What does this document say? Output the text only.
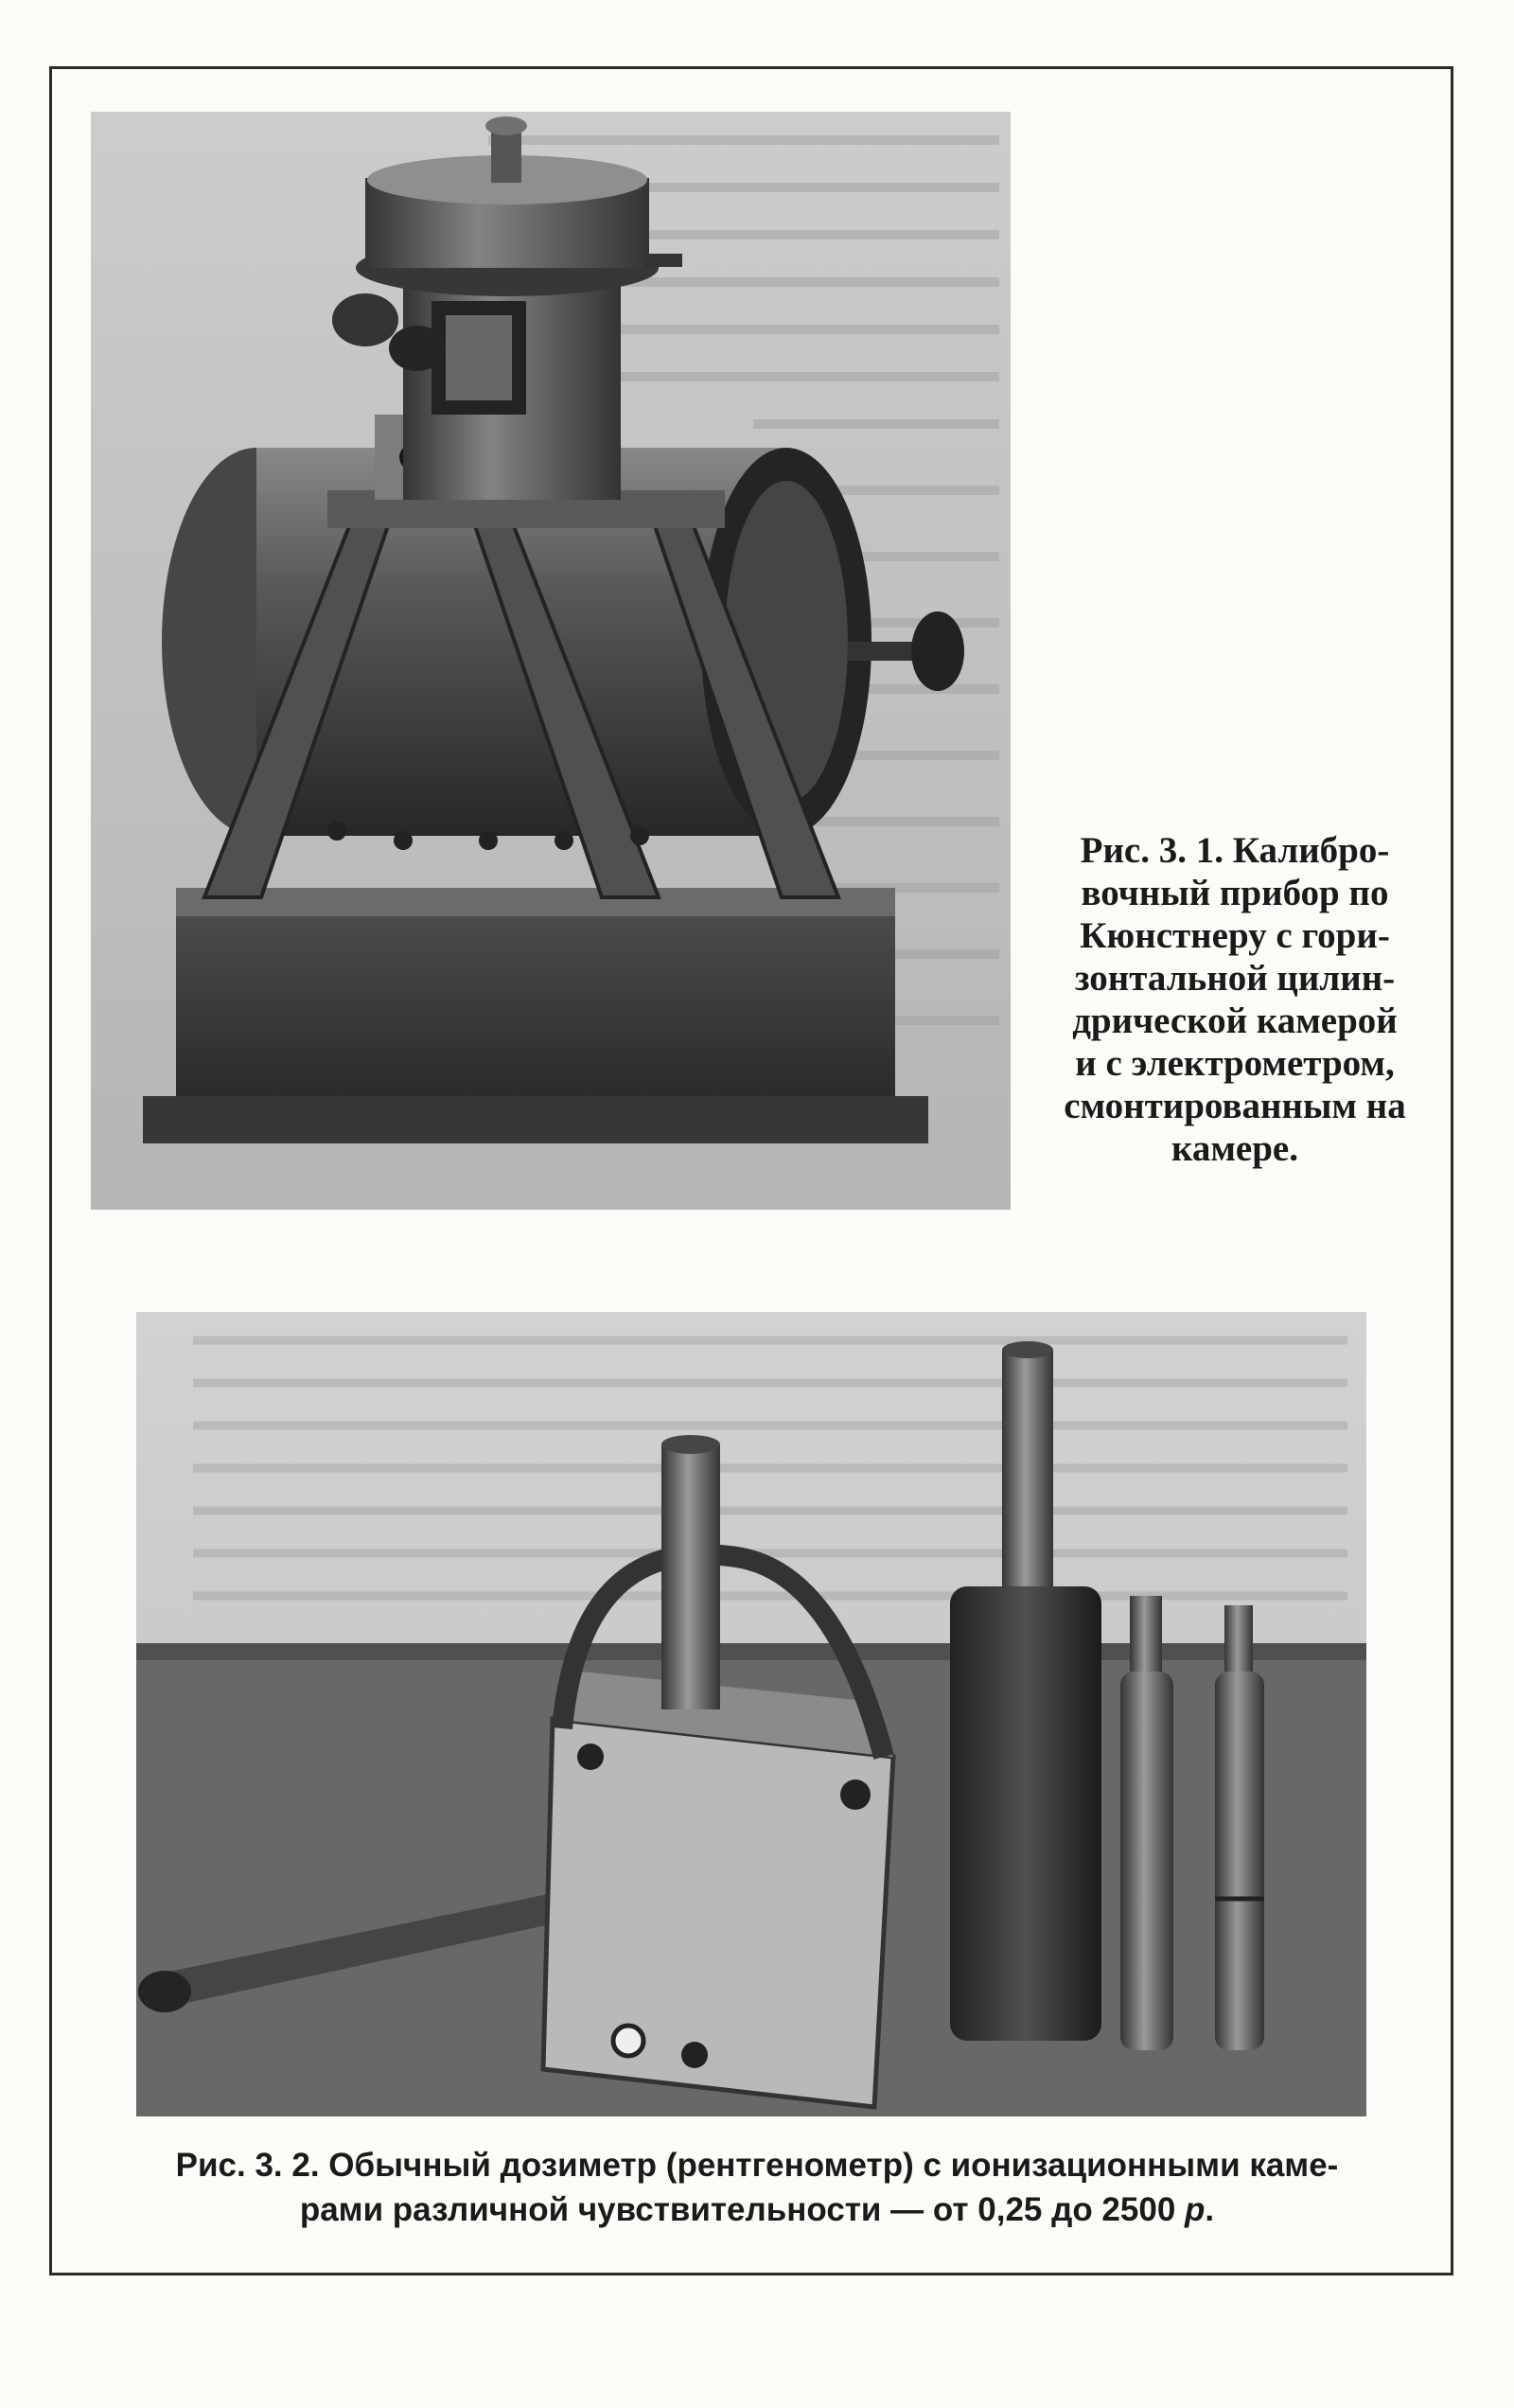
Рис. 3. 1. Калибро-
вочный прибор по
Кюнстнеру с гори-
зонтальной цилин-
дрической камерой
и с электрометром,
смонтированным на
камере.
Рис. 3. 2. Обычный дозиметр (рентгенометр) с ионизационными каме-
рами различной чувствительности — от 0,25 до 2500 р.
